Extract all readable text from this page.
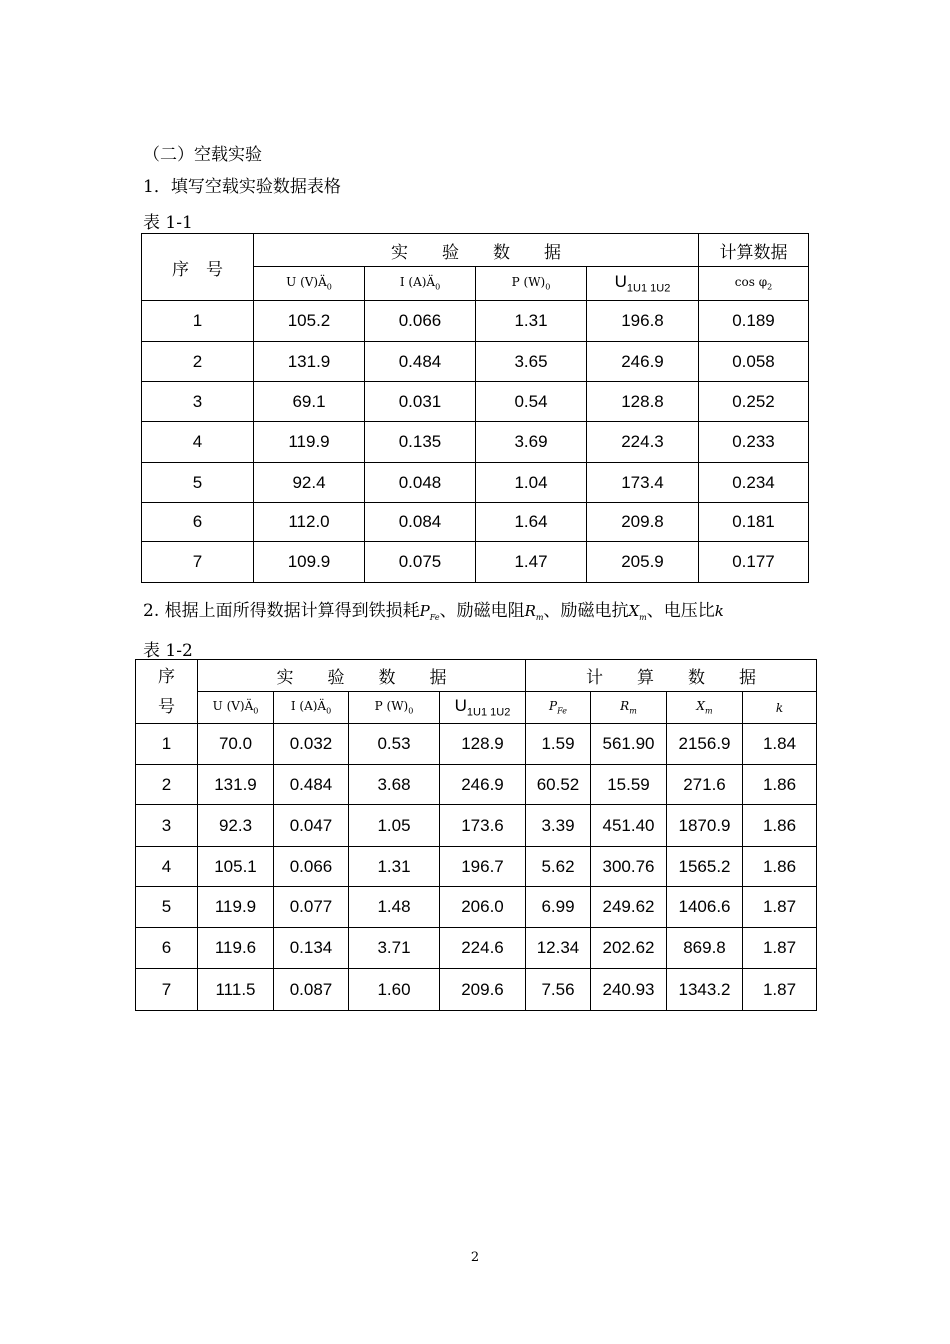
（二）空载实验
1．填写空载实验数据表格
表 1-1
序　号	实　　验　　数　　据				计算数据
	U $(V)Ä_0$	I $(A)Ä_0$	P $(W)_0$	$U_{1U1 1U2}$	$\cos \varphi_2$
1	105.2	0.066	1.31	196.8	0.189
2	131.9	0.484	3.65	246.9	0.058
3	69.1	0.031	0.54	128.8	0.252
4	119.9	0.135	3.69	224.3	0.233
5	92.4	0.048	1.04	173.4	0.234
6	112.0	0.084	1.64	209.8	0.181
7	109.9	0.075	1.47	205.9	0.177
2. 根据上面所得数据计算得到铁损耗$P_{Fe}$、励磁电阻$R_m$、励磁电抗$X_m$、电压比k
表 1-2
序号	实　　验　　数　　据				计　　算　　数　　据			
	U $(V)Ä_0$	I $(A)Ä_0$	P $(W)_0$	$U_{1U1 1U2}$	$P_{Fe}$	$R_m$	$X_m$	k
1	70.0	0.032	0.53	128.9	1.59	561.90	2156.9	1.84
2	131.9	0.484	3.68	246.9	60.52	15.59	271.6	1.86
3	92.3	0.047	1.05	173.6	3.39	451.40	1870.9	1.86
4	105.1	0.066	1.31	196.7	5.62	300.76	1565.2	1.86
5	119.9	0.077	1.48	206.0	6.99	249.62	1406.6	1.87
6	119.6	0.134	3.71	224.6	12.34	202.62	869.8	1.87
7	111.5	0.087	1.60	209.6	7.56	240.93	1343.2	1.87
2
